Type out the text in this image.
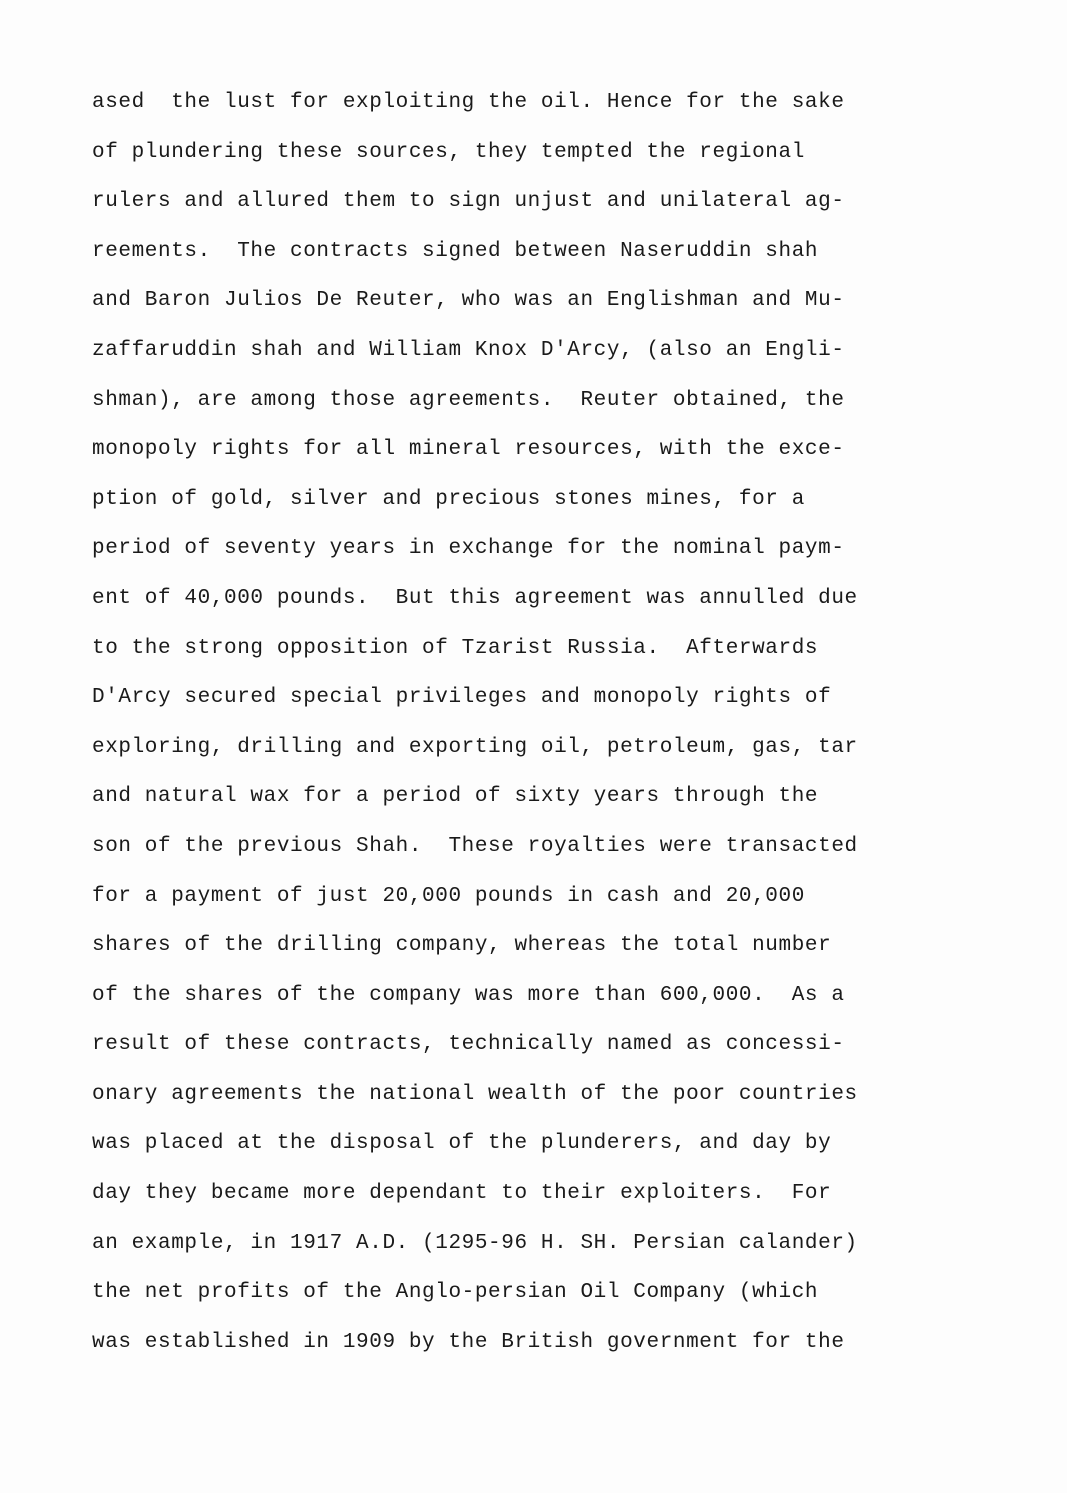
ased  the lust for exploiting the oil. Hence for the sake
of plundering these sources, they tempted the regional
rulers and allured them to sign unjust and unilateral ag-
reements.  The contracts signed between Naseruddin shah
and Baron Julios De Reuter, who was an Englishman and Mu-
zaffaruddin shah and William Knox D'Arcy, (also an Engli-
shman), are among those agreements.  Reuter obtained, the
monopoly rights for all mineral resources, with the exce-
ption of gold, silver and precious stones mines, for a
period of seventy years in exchange for the nominal paym-
ent of 40,000 pounds.  But this agreement was annulled due
to the strong opposition of Tzarist Russia.  Afterwards
D'Arcy secured special privileges and monopoly rights of
exploring, drilling and exporting oil, petroleum, gas, tar
and natural wax for a period of sixty years through the
son of the previous Shah.  These royalties were transacted
for a payment of just 20,000 pounds in cash and 20,000
shares of the drilling company, whereas the total number
of the shares of the company was more than 600,000.  As a
result of these contracts, technically named as concessi-
onary agreements the national wealth of the poor countries
was placed at the disposal of the plunderers, and day by
day they became more dependant to their exploiters.  For
an example, in 1917 A.D. (1295-96 H. SH. Persian calander)
the net profits of the Anglo-persian Oil Company (which
was established in 1909 by the British government for the
